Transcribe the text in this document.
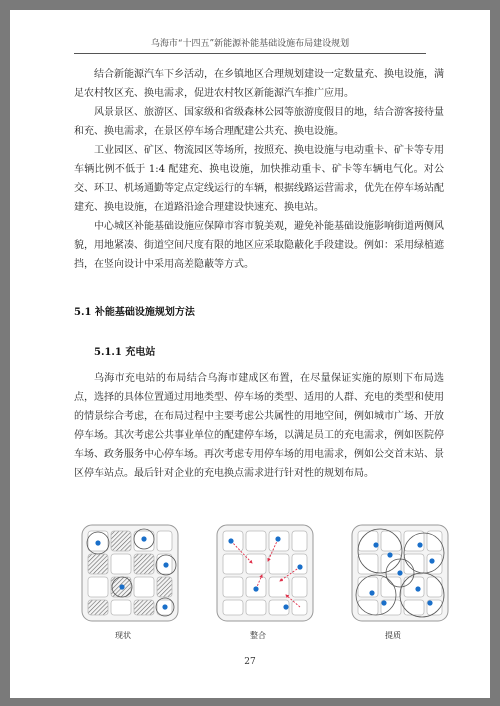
乌海市“十四五”新能源补能基础设施布局建设规划

结合新能源汽车下乡活动，在乡镇地区合理规划建设一定数量充、换电设施，满足农村牧区充、换电需求，促进农村牧区新能源汽车推广应用。

风景景区、旅游区、国家级和省级森林公园等旅游度假目的地，结合游客接待量和充、换电需求，在景区停车场合理配建公共充、换电设施。

工业园区、矿区、物流园区等场所，按照充、换电设施与电动重卡、矿卡等专用车辆比例不低于 1:4 配建充、换电设施，加快推动重卡、矿卡等车辆电气化。对公交、环卫、机场通勤等定点定线运行的车辆，根据线路运营需求，优先在停车场站配建充、换电设施，在道路沿途合理建设快速充、换电站。

中心城区补能基础设施应保障市容市貌美观，避免补能基础设施影响街道两侧风貌，用地紧凑、街道空间尺度有限的地区应采取隐蔽化手段建设。例如：采用绿植遮挡，在竖向设计中采用高差隐蔽等方式。

5.1 补能基础设施规划方法
5.1.1 充电站

乌海市充电站的布局结合乌海市建成区布置，在尽量保证实施的原则下布局选点，选择的具体位置通过用地类型、停车场的类型、适用的人群、充电的类型和使用的情景综合考虑，在布局过程中主要考虑公共属性的用地空间，例如城市广场、开放停车场。其次考虑公共事业单位的配建停车场，以满足员工的充电需求，例如医院停车场、政务服务中心停车场。再次考虑专用停车场的用电需求，例如公交首末站、景区停车站点。最后针对企业的充电换点需求进行针对性的规划布局。

现状	整合	提质
27
